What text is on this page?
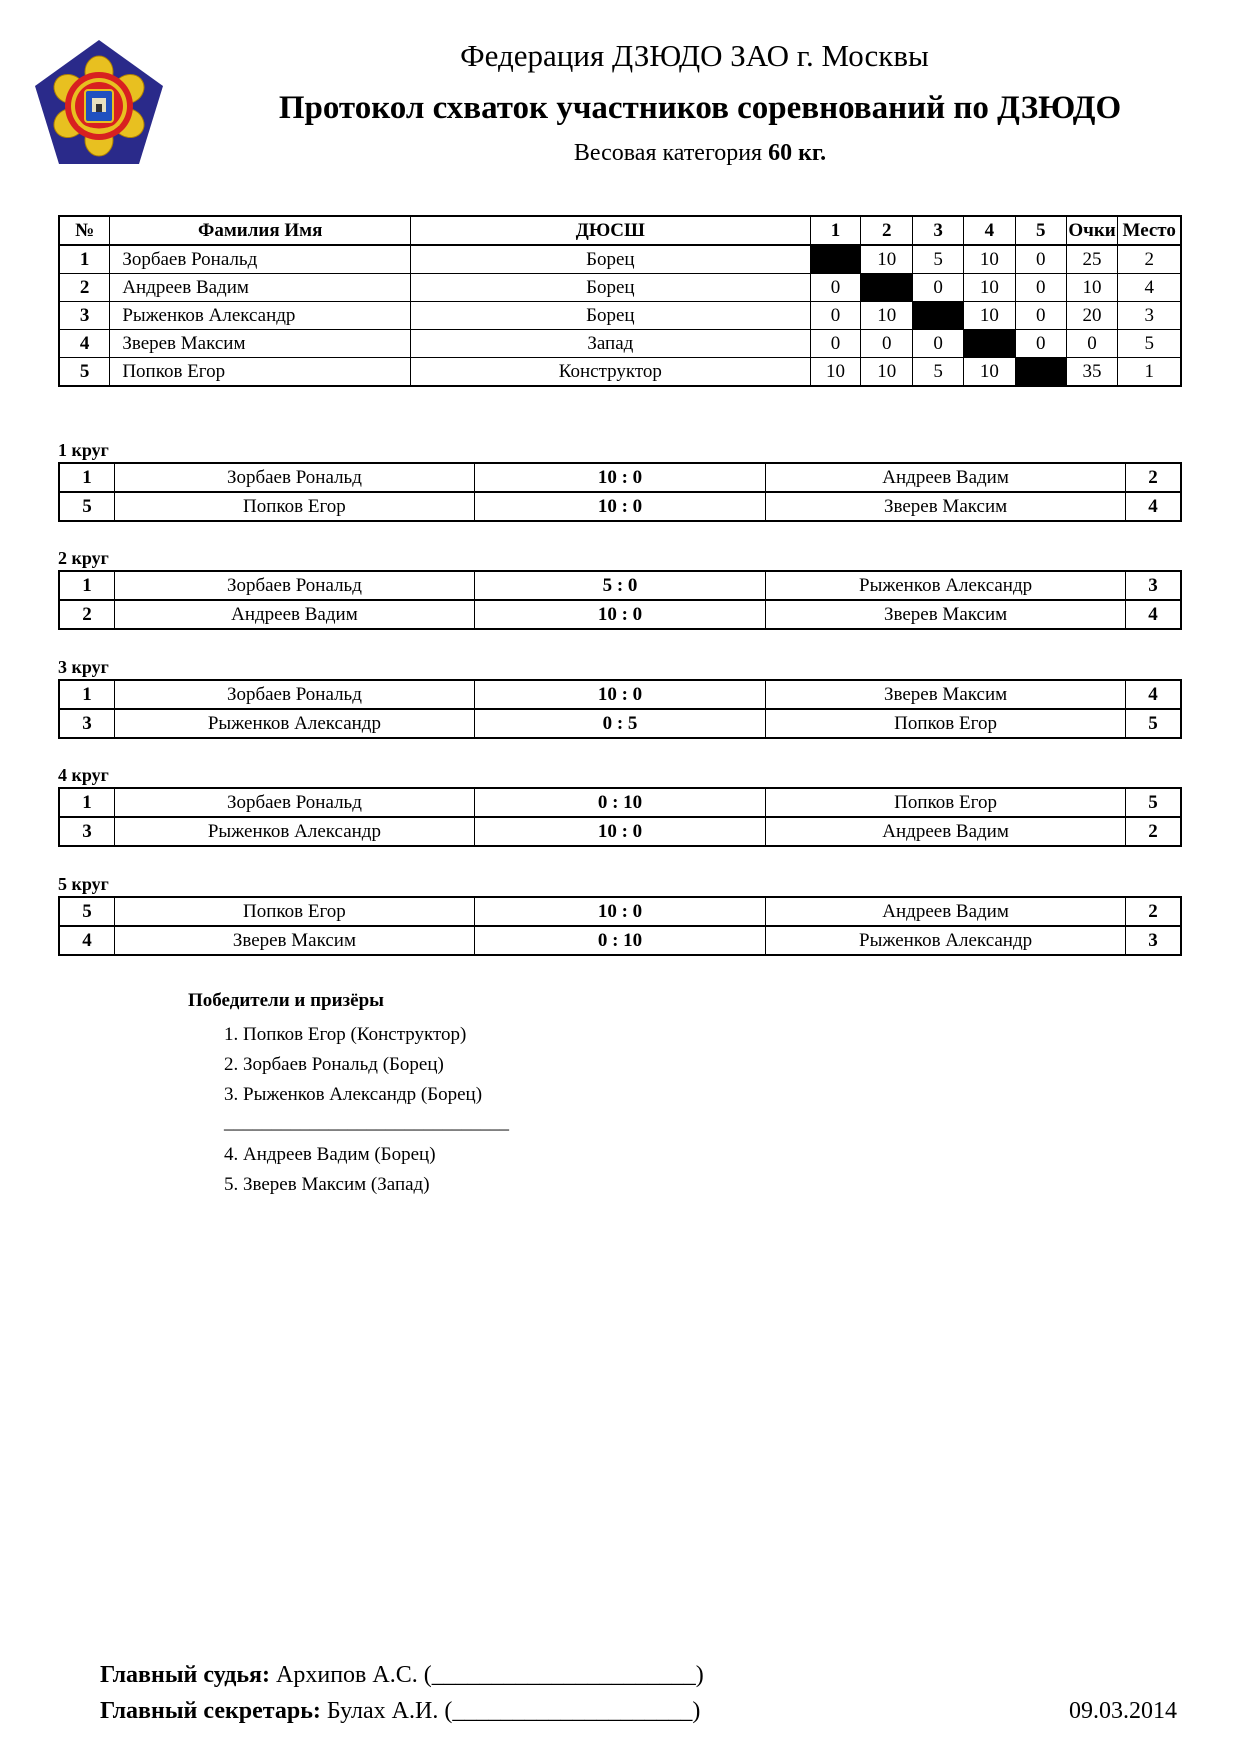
Федерация ДЗЮДО ЗАО г. Москвы
Протокол схваток участников соревнований по ДЗЮДО
Весовая категория 60 кг.
№	Фамилия Имя	ДЮСШ	1	2	3	4	5	Очки	Место
1	Зорбаев Рональд	Борец		10	5	10	0	25	2
2	Андреев Вадим	Борец	0		0	10	0	10	4
3	Рыженков Александр	Борец	0	10		10	0	20	3
4	Зверев Максим	Запад	0	0	0		0	0	5
5	Попков Егор	Конструктор	10	10	5	10		35	1
1 круг
1	Зорбаев Рональд	10 : 0	Андреев Вадим	2
5	Попков Егор	10 : 0	Зверев Максим	4
2 круг
1	Зорбаев Рональд	5 : 0	Рыженков Александр	3
2	Андреев Вадим	10 : 0	Зверев Максим	4
3 круг
1	Зорбаев Рональд	10 : 0	Зверев Максим	4
3	Рыженков Александр	0 : 5	Попков Егор	5
4 круг
1	Зорбаев Рональд	0 : 10	Попков Егор	5
3	Рыженков Александр	10 : 0	Андреев Вадим	2
5 круг
5	Попков Егор	10 : 0	Андреев Вадим	2
4	Зверев Максим	0 : 10	Рыженков Александр	3
Победители и призёры
1. Попков Егор (Конструктор)
2. Зорбаев Рональд (Борец)
3. Рыженков Александр (Борец)
______________________________
4. Андреев Вадим (Борец)
5. Зверев Максим (Запад)
Главный судья: Архипов А.С. (______________________)
Главный секретарь: Булах А.И. (____________________)	09.03.2014
